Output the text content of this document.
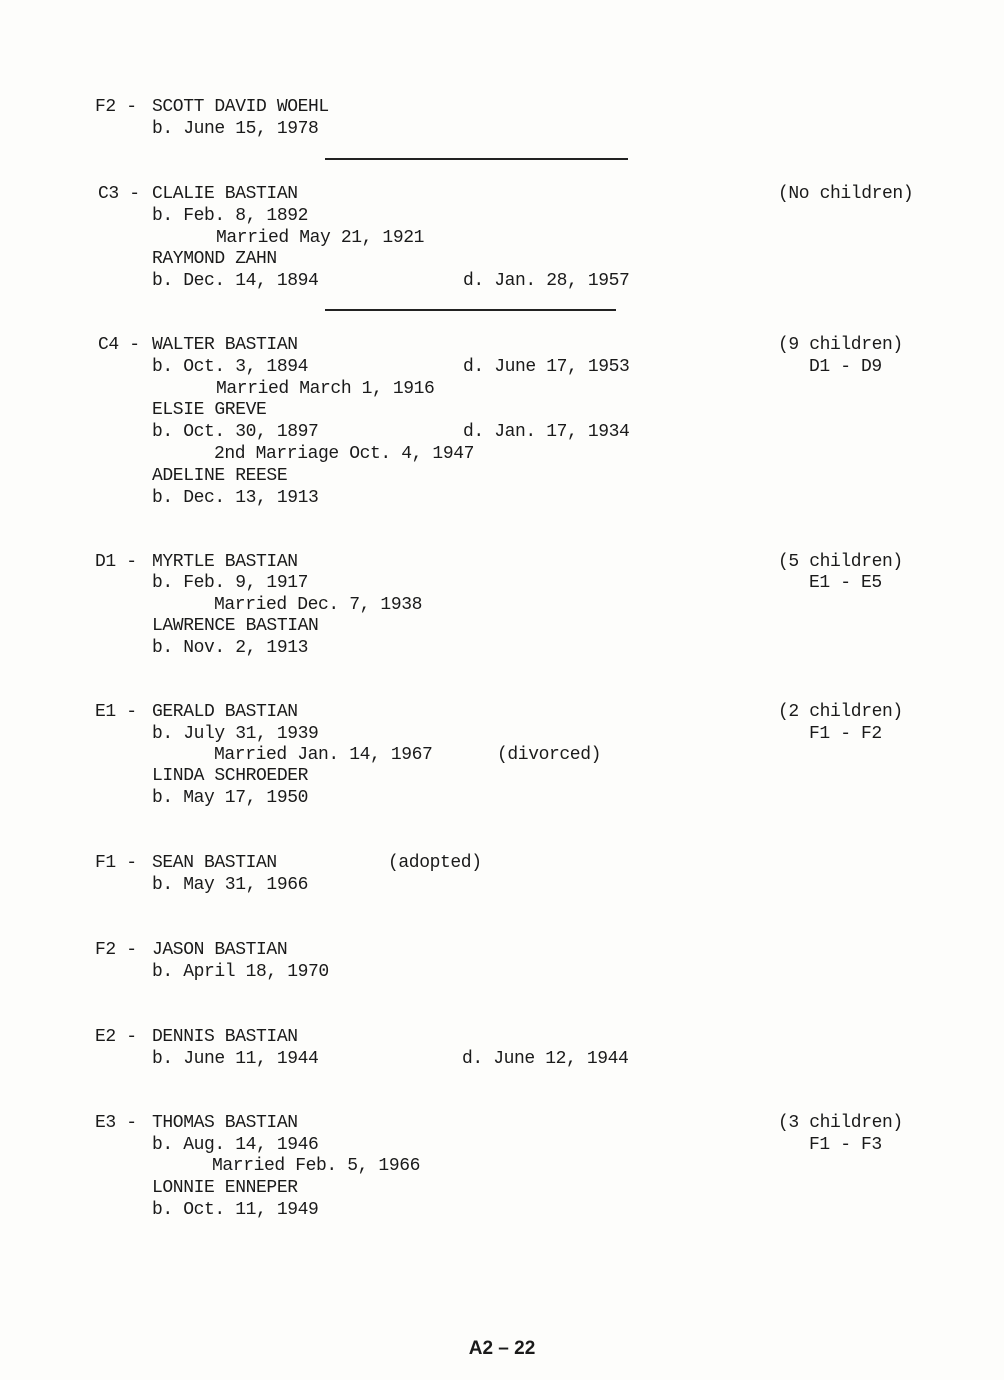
F2 - SCOTT DAVID WOEHL
b. June 15, 1978
C3 - CLALIE BASTIAN	(No children)
b. Feb. 8, 1892
Married May 21, 1921
RAYMOND ZAHN
b. Dec. 14, 1894	d. Jan. 28, 1957
C4 - WALTER BASTIAN	(9 children)
b. Oct. 3, 1894	d. June 17, 1953	D1 - D9
Married March 1, 1916
ELSIE GREVE
b. Oct. 30, 1897	d. Jan. 17, 1934
2nd Marriage Oct. 4, 1947
ADELINE REESE
b. Dec. 13, 1913
D1 - MYRTLE BASTIAN	(5 children)
b. Feb. 9, 1917	E1 - E5
Married Dec. 7, 1938
LAWRENCE BASTIAN
b. Nov. 2, 1913
E1 - GERALD BASTIAN	(2 children)
b. July 31, 1939	F1 - F2
Married Jan. 14, 1967	(divorced)
LINDA SCHROEDER
b. May 17, 1950
F1 - SEAN BASTIAN	(adopted)
b. May 31, 1966
F2 - JASON BASTIAN
b. April 18, 1970
E2 - DENNIS BASTIAN
b. June 11, 1944	d. June 12, 1944
E3 - THOMAS BASTIAN	(3 children)
b. Aug. 14, 1946	F1 - F3
Married Feb. 5, 1966
LONNIE ENNEPER
b. Oct. 11, 1949
A2 – 22
